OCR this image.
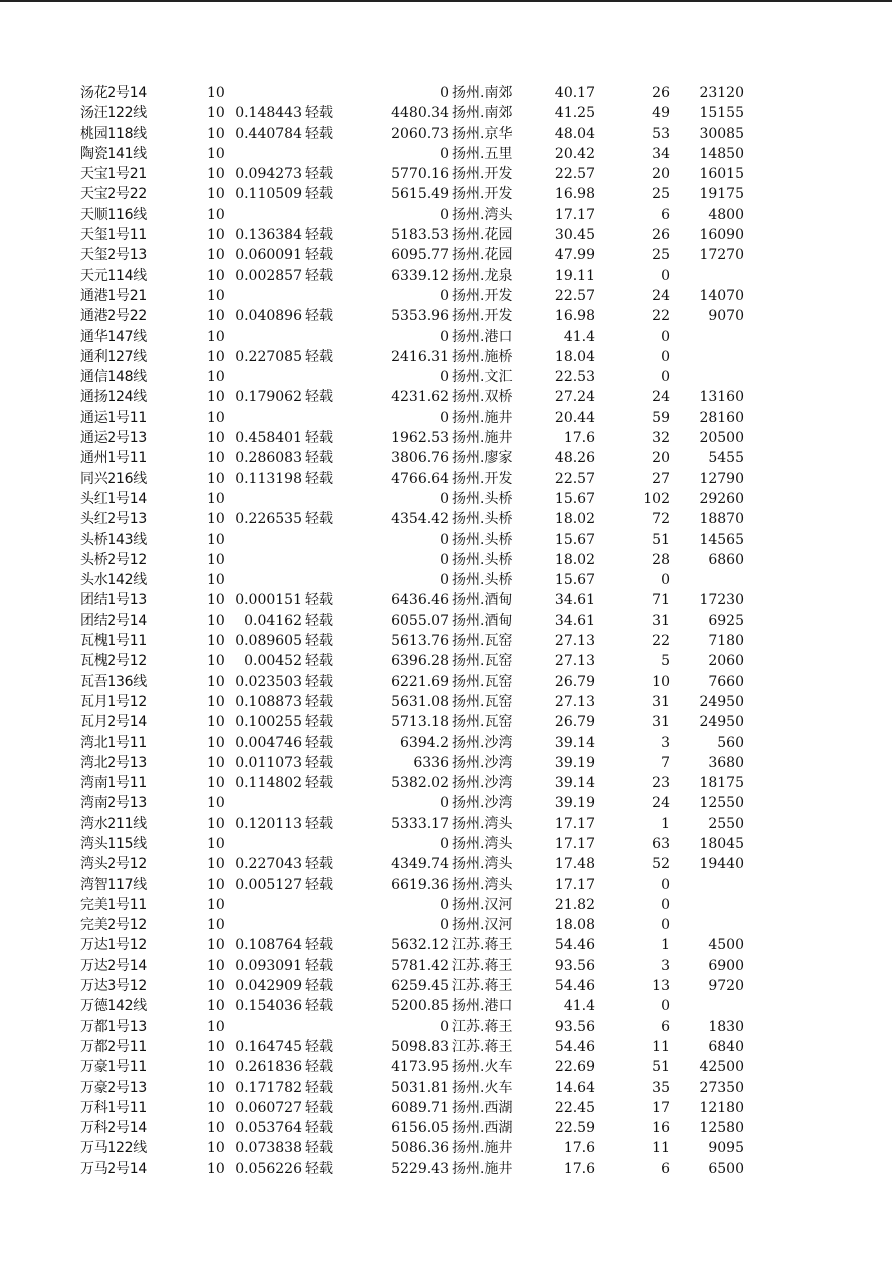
汤花2号14	10	0 扬州.南郊	40.17	26	23120
汤汪122线	10 0.148443 轻载	4480.34 扬州.南郊	41.25	49	15155
桃园118线	10 0.440784 轻载	2060.73 扬州.京华	48.04	53	30085
陶瓷141线	10	0 扬州.五里	20.42	34	14850
天宝1号21	10 0.094273 轻载	5770.16 扬州.开发	22.57	20	16015
天宝2号22	10 0.110509 轻载	5615.49 扬州.开发	16.98	25	19175
天顺116线	10	0 扬州.湾头	17.17	6	4800
天玺1号11	10 0.136384 轻载	5183.53 扬州.花园	30.45	26	16090
天玺2号13	10 0.060091 轻载	6095.77 扬州.花园	47.99	25	17270
天元114线	10 0.002857 轻载	6339.12 扬州.龙泉	19.11	0
通港1号21	10	0 扬州.开发	22.57	24	14070
通港2号22	10 0.040896 轻载	5353.96 扬州.开发	16.98	22	9070
通华147线	10	0 扬州.港口	41.4	0
通利127线	10 0.227085 轻载	2416.31 扬州.施桥	18.04	0
通信148线	10	0 扬州.文汇	22.53	0
通扬124线	10 0.179062 轻载	4231.62 扬州.双桥	27.24	24	13160
通运1号11	10	0 扬州.施井	20.44	59	28160
通运2号13	10 0.458401 轻载	1962.53 扬州.施井	17.6	32	20500
通州1号11	10 0.286083 轻载	3806.76 扬州.廖家	48.26	20	5455
同兴216线	10 0.113198 轻载	4766.64 扬州.开发	22.57	27	12790
头红1号14	10	0 扬州.头桥	15.67	102	29260
头红2号13	10 0.226535 轻载	4354.42 扬州.头桥	18.02	72	18870
头桥143线	10	0 扬州.头桥	15.67	51	14565
头桥2号12	10	0 扬州.头桥	18.02	28	6860
头水142线	10	0 扬州.头桥	15.67	0
团结1号13	10 0.000151 轻载	6436.46 扬州.酒甸	34.61	71	17230
团结2号14	10	0.04162 轻载	6055.07 扬州.酒甸	34.61	31	6925
瓦槐1号11	10 0.089605 轻载	5613.76 扬州.瓦窑	27.13	22	7180
瓦槐2号12	10	0.00452 轻载	6396.28 扬州.瓦窑	27.13	5	2060
瓦吾136线	10 0.023503 轻载	6221.69 扬州.瓦窑	26.79	10	7660
瓦月1号12	10 0.108873 轻载	5631.08 扬州.瓦窑	27.13	31	24950
瓦月2号14	10 0.100255 轻载	5713.18 扬州.瓦窑	26.79	31	24950
湾北1号11	10 0.004746 轻载	6394.2 扬州.沙湾	39.14	3	560
湾北2号13	10 0.011073 轻载	6336 扬州.沙湾	39.19	7	3680
湾南1号11	10 0.114802 轻载	5382.02 扬州.沙湾	39.14	23	18175
湾南2号13	10	0 扬州.沙湾	39.19	24	12550
湾水211线	10 0.120113 轻载	5333.17 扬州.湾头	17.17	1	2550
湾头115线	10	0 扬州.湾头	17.17	63	18045
湾头2号12	10 0.227043 轻载	4349.74 扬州.湾头	17.48	52	19440
湾智117线	10 0.005127 轻载	6619.36 扬州.湾头	17.17	0
完美1号11	10	0 扬州.汉河	21.82	0
完美2号12	10	0 扬州.汉河	18.08	0
万达1号12	10 0.108764 轻载	5632.12 江苏.蒋王	54.46	1	4500
万达2号14	10 0.093091 轻载	5781.42 江苏.蒋王	93.56	3	6900
万达3号12	10 0.042909 轻载	6259.45 江苏.蒋王	54.46	13	9720
万德142线	10 0.154036 轻载	5200.85 扬州.港口	41.4	0
万都1号13	10	0 江苏.蒋王	93.56	6	1830
万都2号11	10 0.164745 轻载	5098.83 江苏.蒋王	54.46	11	6840
万豪1号11	10 0.261836 轻载	4173.95 扬州.火车	22.69	51	42500
万豪2号13	10 0.171782 轻载	5031.81 扬州.火车	14.64	35	27350
万科1号11	10 0.060727 轻载	6089.71 扬州.西湖	22.45	17	12180
万科2号14	10 0.053764 轻载	6156.05 扬州.西湖	22.59	16	12580
万马122线	10 0.073838 轻载	5086.36 扬州.施井	17.6	11	9095
万马2号14	10 0.056226 轻载	5229.43 扬州.施井	17.6	6	6500
